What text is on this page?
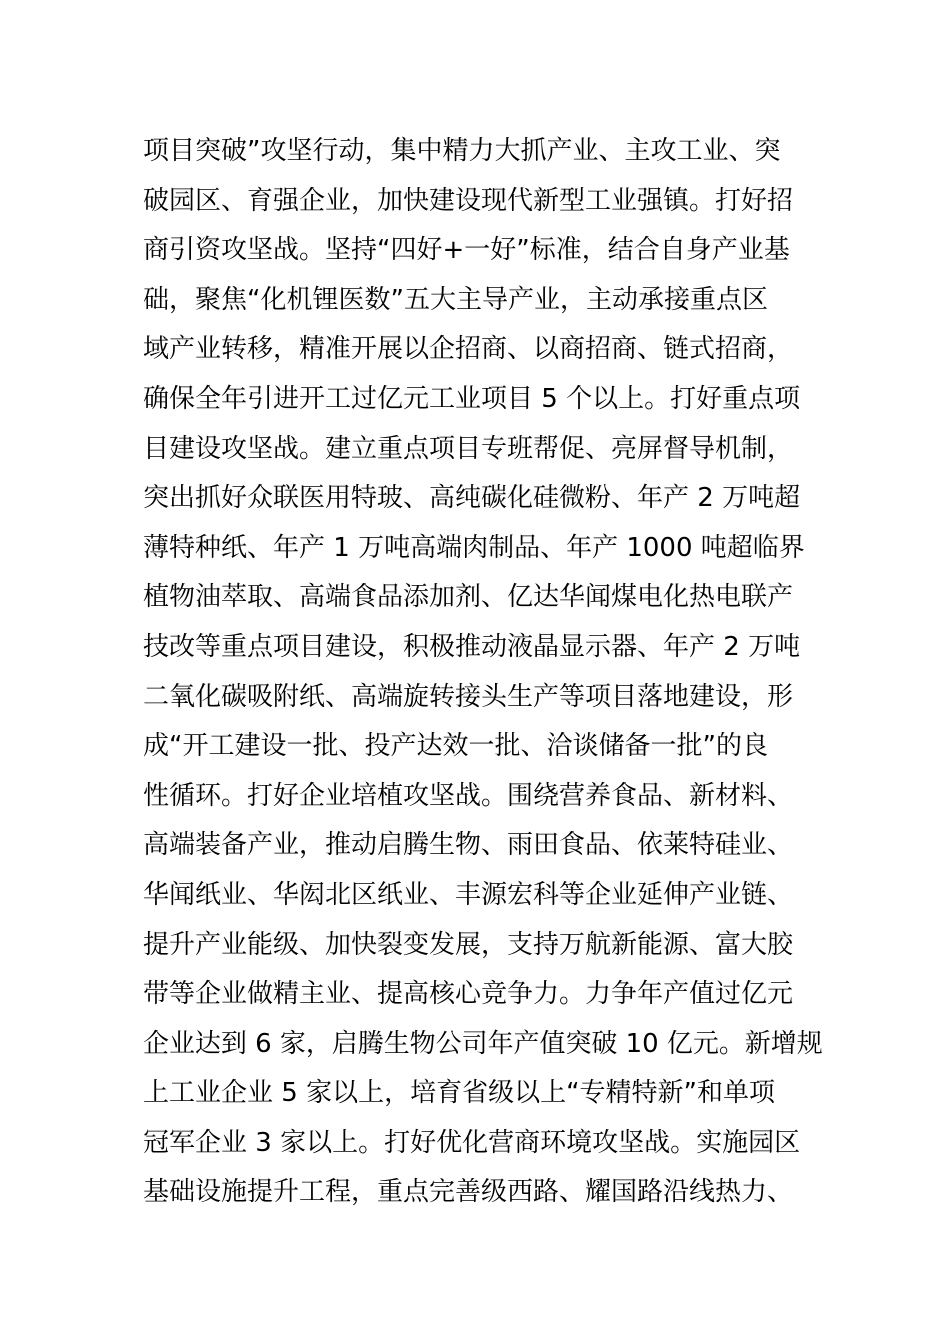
项目突破”攻坚行动，集中精力大抓产业、主攻工业、突
破园区、育强企业，加快建设现代新型工业强镇。打好招
商引资攻坚战。坚持“四好+一好”标准，结合自身产业基
础，聚焦“化机锂医数”五大主导产业，主动承接重点区
域产业转移，精准开展以企招商、以商招商、链式招商，
确保全年引进开工过亿元工业项目 5 个以上。打好重点项
目建设攻坚战。建立重点项目专班帮促、亮屏督导机制，
突出抓好众联医用特玻、高纯碳化硅微粉、年产 2 万吨超
薄特种纸、年产 1 万吨高端肉制品、年产 1000 吨超临界
植物油萃取、高端食品添加剂、亿达华闻煤电化热电联产
技改等重点项目建设，积极推动液晶显示器、年产 2 万吨
二氧化碳吸附纸、高端旋转接头生产等项目落地建设，形
成“开工建设一批、投产达效一批、洽谈储备一批”的良
性循环。打好企业培植攻坚战。围绕营养食品、新材料、
高端装备产业，推动启腾生物、雨田食品、依莱特硅业、
华闻纸业、华闳北区纸业、丰源宏科等企业延伸产业链、
提升产业能级、加快裂变发展，支持万航新能源、富大胶
带等企业做精主业、提高核心竞争力。力争年产值过亿元
企业达到 6 家，启腾生物公司年产值突破 10 亿元。新增规
上工业企业 5 家以上，培育省级以上“专精特新”和单项
冠军企业 3 家以上。打好优化营商环境攻坚战。实施园区
基础设施提升工程，重点完善级西路、耀国路沿线热力、
